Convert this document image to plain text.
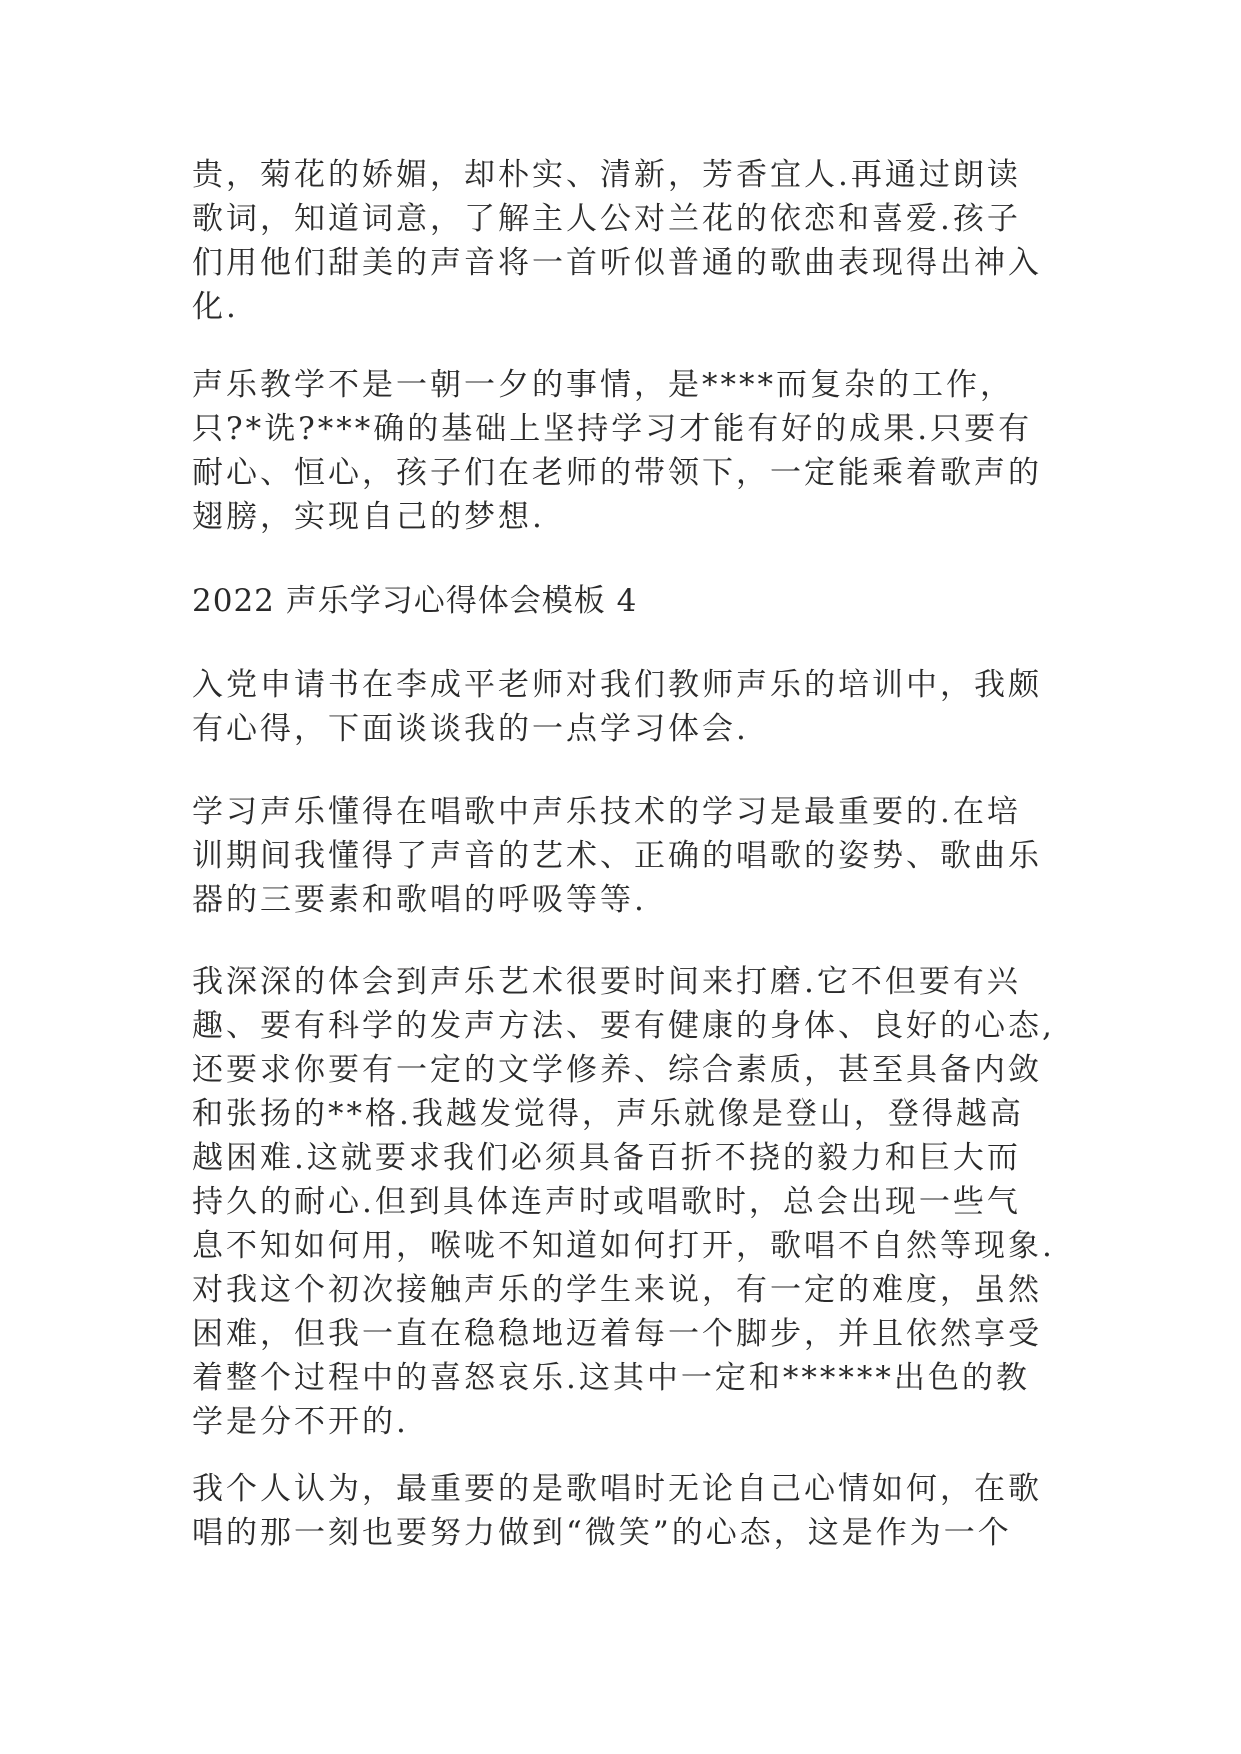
贵，菊花的娇媚，却朴实、清新，芳香宜人.再通过朗读
歌词，知道词意，了解主人公对兰花的依恋和喜爱.孩子
们用他们甜美的声音将一首听似普通的歌曲表现得出神入
化.
声乐教学不是一朝一夕的事情，是****而复杂的工作，
只?*诜?***确的基础上坚持学习才能有好的成果.只要有
耐心、恒心，孩子们在老师的带领下，一定能乘着歌声的
翅膀，实现自己的梦想.
2022 声乐学习心得体会模板 4
入党申请书在李成平老师对我们教师声乐的培训中，我颇
有心得，下面谈谈我的一点学习体会.
学习声乐懂得在唱歌中声乐技术的学习是最重要的.在培
训期间我懂得了声音的艺术、正确的唱歌的姿势、歌曲乐
器的三要素和歌唱的呼吸等等.
我深深的体会到声乐艺术很要时间来打磨.它不但要有兴
趣、要有科学的发声方法、要有健康的身体、良好的心态,
还要求你要有一定的文学修养、综合素质，甚至具备内敛
和张扬的**格.我越发觉得，声乐就像是登山，登得越高
越困难.这就要求我们必须具备百折不挠的毅力和巨大而
持久的耐心.但到具体连声时或唱歌时，总会出现一些气
息不知如何用，喉咙不知道如何打开，歌唱不自然等现象.
对我这个初次接触声乐的学生来说，有一定的难度，虽然
困难，但我一直在稳稳地迈着每一个脚步，并且依然享受
着整个过程中的喜怒哀乐.这其中一定和******出色的教
学是分不开的.
我个人认为，最重要的是歌唱时无论自己心情如何，在歌
唱的那一刻也要努力做到“微笑”的心态，这是作为一个
